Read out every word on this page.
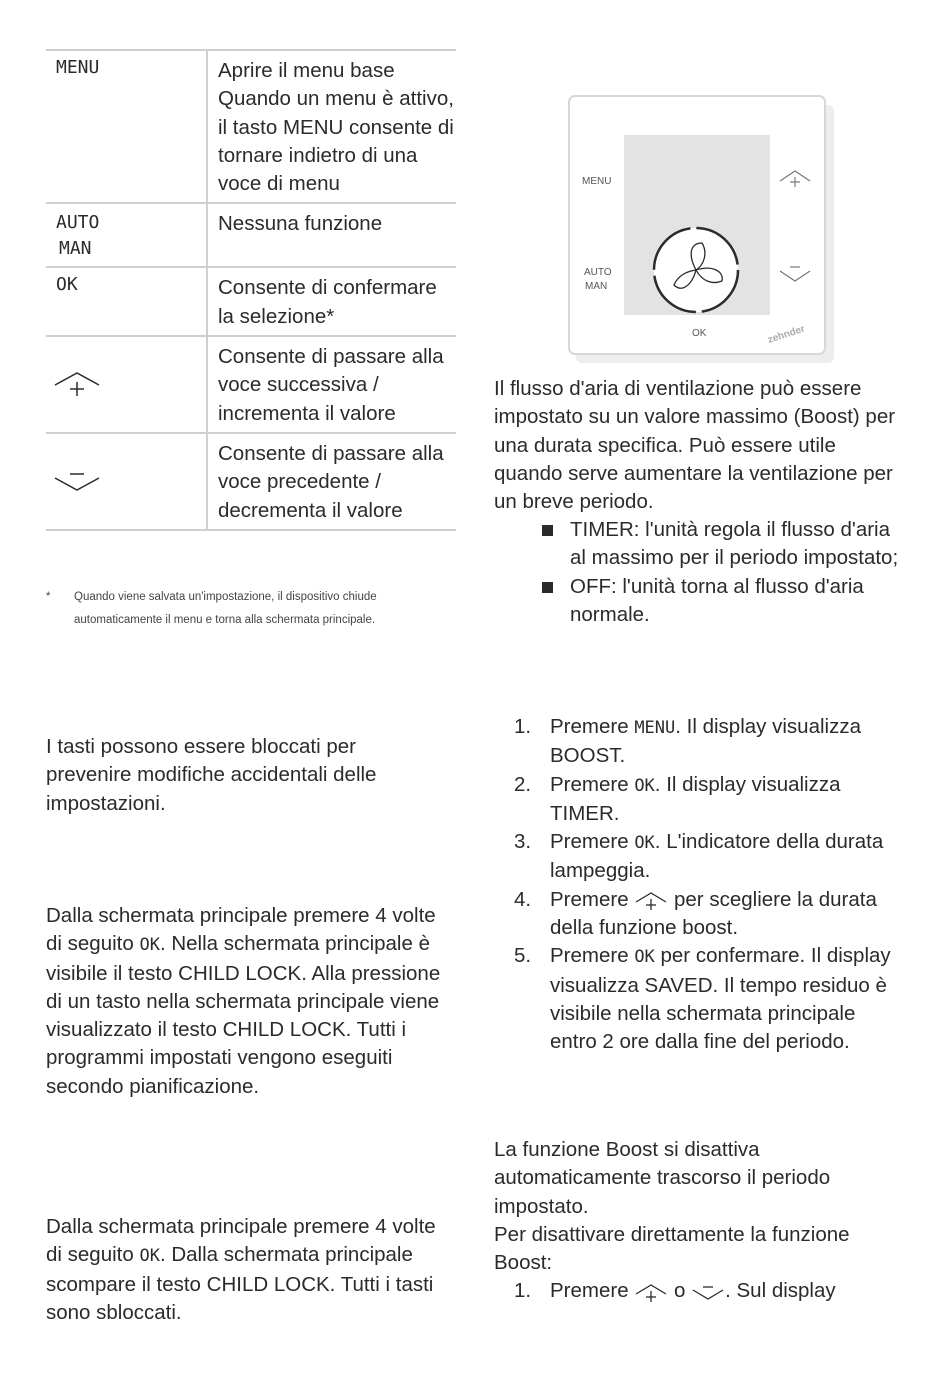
MENU	Aprire il menu base Quando un menu è attivo, il tasto MENU consente di tornare indietro di una voce di menu

AUTO
MAN	Nessuna funzione
OK	Consente di confermare la selezione*
	Consente di passare alla voce successiva / incrementa il valore
	Consente di passare alla voce precedente / decrementa il valore
* Quando viene salvata un'impostazione, il dispositivo chiude automaticamente il menu e torna alla schermata principale.

I tasti possono essere bloccati per prevenire modifiche accidentali delle impostazioni.

Dalla schermata principale premere 4 volte di seguito OK. Nella schermata principale è visibile il testo CHILD LOCK. Alla pressione di un tasto nella schermata principale viene visualizzato il testo CHILD LOCK. Tutti i programmi impostati vengono eseguiti secondo pianificazione.

Dalla schermata principale premere 4 volte di seguito OK. Dalla schermata principale scompare il testo CHILD LOCK. Tutti i tasti sono sbloccati.

MENU
AUTO
MAN
OK	zehnder

Il flusso d'aria di ventilazione può essere impostato su un valore massimo (Boost) per una durata specifica. Può essere utile quando serve aumentare la ventilazione per un breve periodo.

TIMER: l'unità regola il flusso d'aria al massimo per il periodo impostato;
OFF: l'unità torna al flusso d'aria normale.
1. Premere MENU. Il display visualizza BOOST.
2. Premere OK. Il display visualizza TIMER.
3. Premere OK. L'indicatore della durata lampeggia.
4. Premere  per scegliere la durata della funzione boost.
5. Premere OK per confermare. Il display visualizza SAVED. Il tempo residuo è visibile nella schermata principale entro 2 ore dalla fine del periodo.

La funzione Boost si disattiva automaticamente trascorso il periodo impostato.

Per disattivare direttamente la funzione Boost:

1. Premere  o . Sul display
